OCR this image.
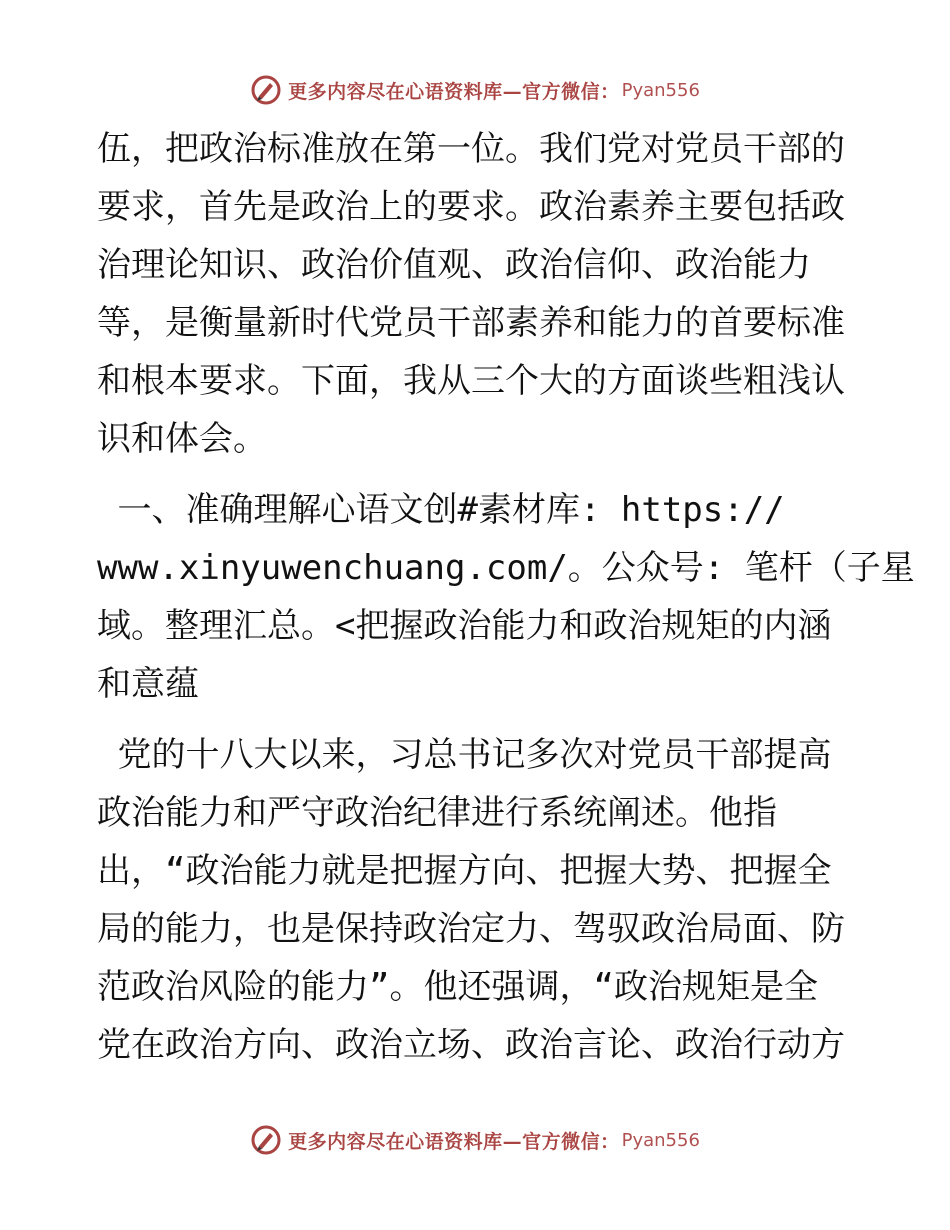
更多内容尽在心语资料库—官方微信： Pyan556
伍，把政治标准放在第一位。我们党对党员干部的
要求，首先是政治上的要求。政治素养主要包括政
治理论知识、政治价值观、政治信仰、政治能力
等，是衡量新时代党员干部素养和能力的首要标准
和根本要求。下面，我从三个大的方面谈些粗浅认
识和体会。
一、准确理解心语文创#素材库: https://
www.xinyuwenchuang.com/。公众号: 笔杆（子星
域。整理汇总。<把握政治能力和政治规矩的内涵
和意蕴
党的十八大以来，习总书记多次对党员干部提高
政治能力和严守政治纪律进行系统阐述。他指
出，“政治能力就是把握方向、把握大势、把握全
局的能力，也是保持政治定力、驾驭政治局面、防
范政治风险的能力”。他还强调，“政治规矩是全
党在政治方向、政治立场、政治言论、政治行动方
更多内容尽在心语资料库—官方微信： Pyan556
